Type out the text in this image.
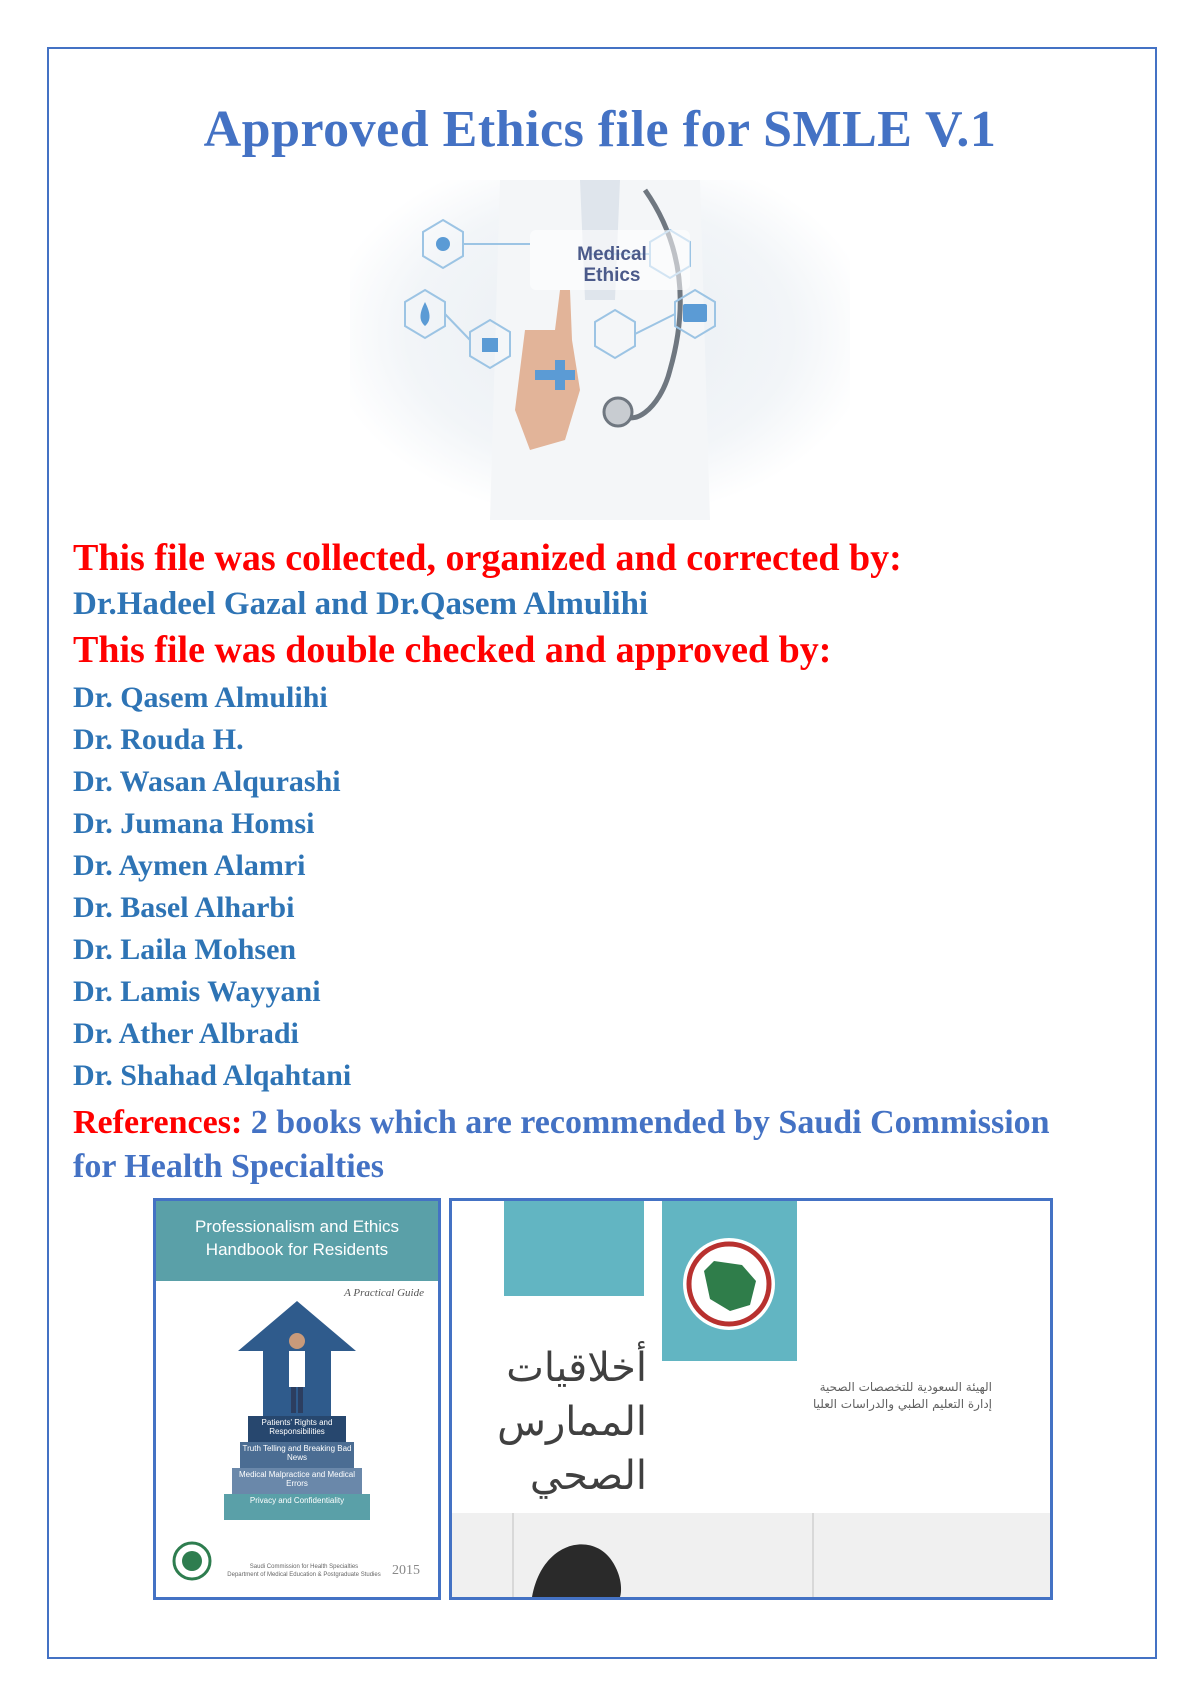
Approved Ethics file for SMLE V.1
Medical
Ethics

This file was collected, organized and corrected by:

Dr.Hadeel Gazal and Dr.Qasem Almulihi

This file was double checked and approved by:

Dr. Qasem Almulihi
Dr. Rouda H.
Dr. Wasan Alqurashi
Dr. Jumana Homsi
Dr. Aymen Alamri
Dr. Basel Alharbi
Dr. Laila Mohsen
Dr. Lamis Wayyani
Dr. Ather Albradi
Dr. Shahad Alqahtani

References: 2 books which are recommended by Saudi Commission for Health Specialties

Professionalism and Ethics
Handbook for Residents
A Practical Guide
Patients' Rights and Responsibilities
Truth Telling and Breaking Bad News
Medical Malpractice and Medical Errors
Privacy and Confidentiality
Saudi Commission for Health Specialties
Department of Medical Education & Postgraduate Studies 2015
أخلاقيات
الممارس
الصحي
الهيئة السعودية للتخصصات الصحية
إدارة التعليم الطبي والدراسات العليا
